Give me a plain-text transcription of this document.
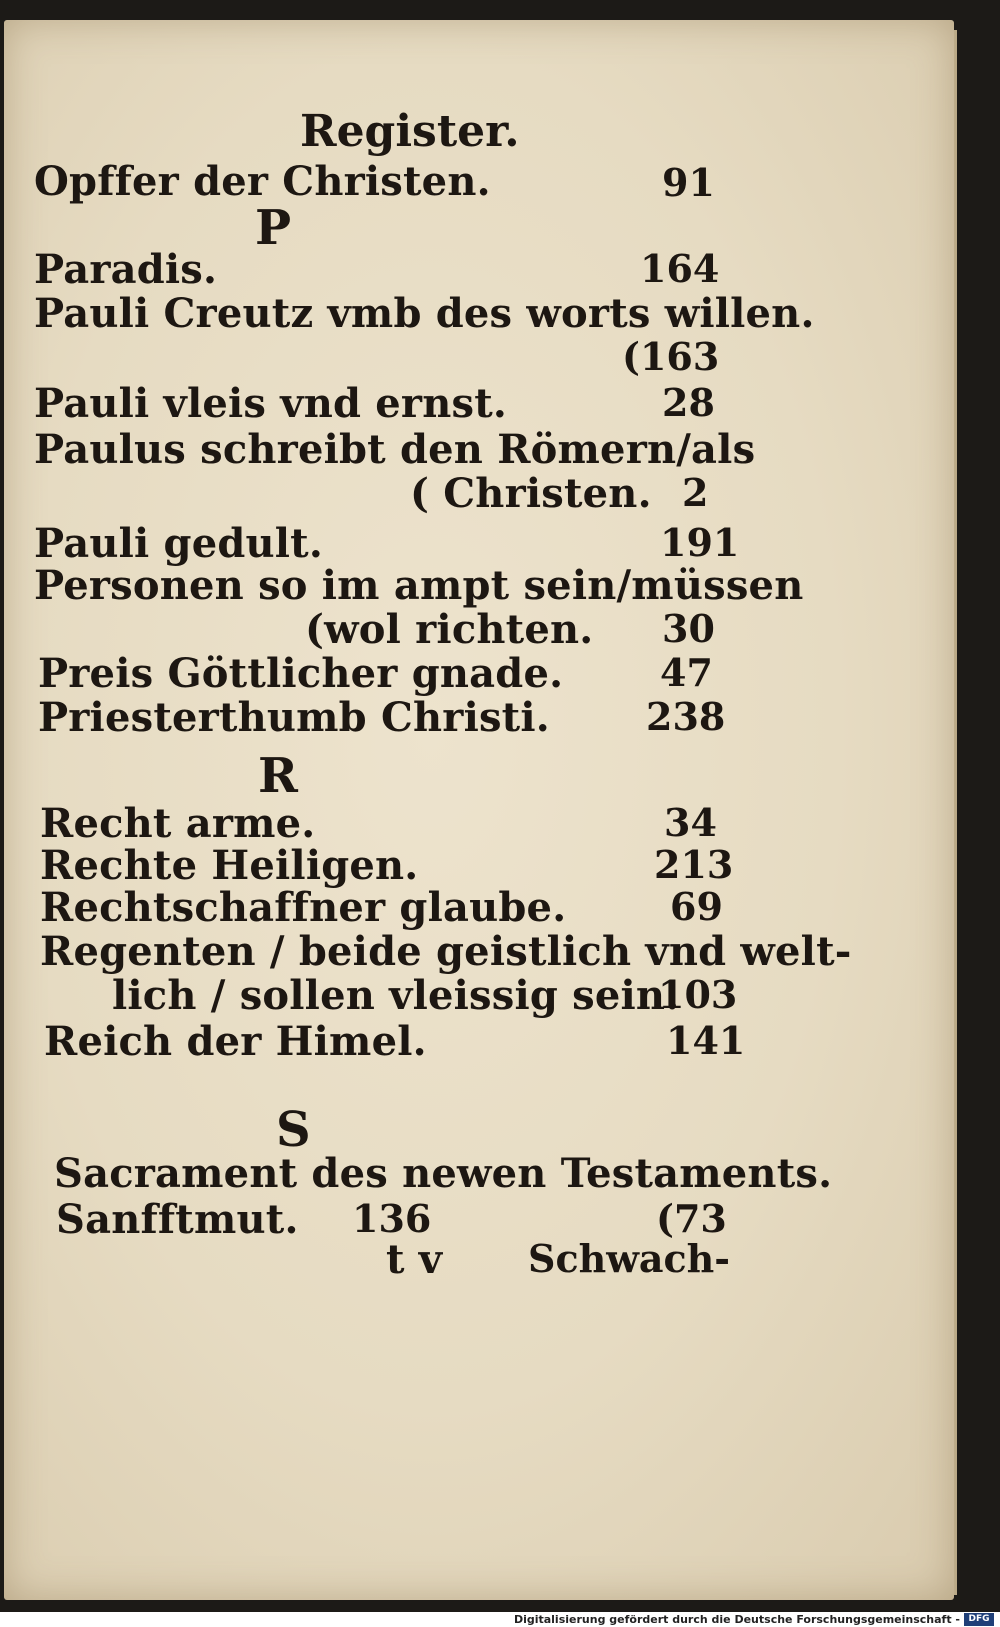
Register.
Opffer der Christen.	91
P
Paradis.	164
Pauli Creutz vmb des worts willen.
(163
Pauli vleis vnd ernst.	28
Paulus schreibt den Römern/als
( Christen. 2
Pauli gedult.	191
Personen so im ampt sein/müssen
(wol richten. 30
Preis Göttlicher gnade.	47
Priesterthumb Christi.	238
R
Recht arme.	34
Rechte Heiligen.	213
Rechtschaffner glaube.	69
Regenten / beide geistlich vnd welt-
lich / sollen vleissig sein.
103
Reich der Himel.	141
S
Sacrament des newen Testaments.
Sanfftmut. 136	(73
t v Schwach-
Digitalisierung gefördert durch die Deutsche Forschungsgemeinschaft - DFG
